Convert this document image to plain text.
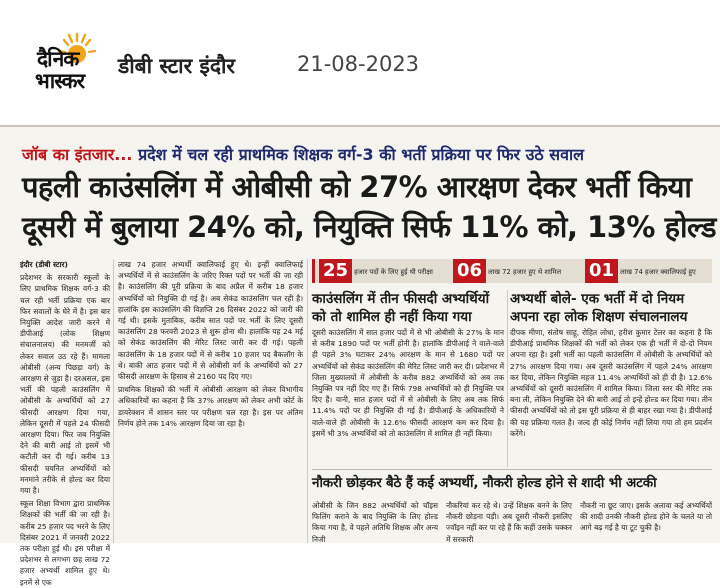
दैनिक
भास्कर
डीबी स्टार इंदौर	21-08-2023
जॉब का इंतजार... प्रदेश में चल रही प्राथमिक शिक्षक वर्ग-3 की भर्ती प्रक्रिया पर फिर उठे सवाल
पहली काउंसलिंग में ओबीसी को 27% आरक्षण देकर भर्ती किया
दूसरी में बुलाया 24% को, नियुक्ति सिर्फ 11% को, 13% होल्ड

इंदौर (डीबी स्टार)

प्रदेशभर के सरकारी स्कूलों के लिए प्राथमिक शिक्षक वर्ग-3 की चल रही भर्ती प्रक्रिया एक बार फिर सवालों के घेरे में है। इस बार नियुक्ति आदेश जारी करने में डीपीआई (लोक शिक्षण संचालनालय) की मनमर्जी को लेकर सवाल उठ रहे हैं। मामला ओबीसी (अन्य पिछड़ा वर्ग) के आरक्षण से जुड़ा है। दरअसल, इस भर्ती की पहली काउंसलिंग में ओबीसी के अभ्यर्थियों को 27 फीसदी आरक्षण दिया गया, लेकिन दूसरी में पहले 24 फीसदी आरक्षण दिया। फिर जब नियुक्ति देने की बारी आई तो इसमें भी कटौती कर दी गई। करीब 13 फीसदी चयनित अभ्यर्थियों को मनमाने तरीके से होल्ड कर दिया गया है।

स्कूल शिक्षा विभाग द्वारा प्राथमिक शिक्षकों की भर्ती की जा रही है। करीब 25 हजार पद भरने के लिए दिसंबर 2021 में जनवरी 2022 तक परीक्षा हुई थी। इस परीक्षा में प्रदेशभर से लगभग छह लाख 72 हजार अभ्यर्थी शामिल हुए थे। इनमें से एक

लाख 74 हजार अभ्यर्थी क्वालिफाई हुए थे। इन्हीं क्वालिफाई अभ्यर्थियों में से काउंसलिंग के जरिए रिक्त पदों पर भर्ती की जा रही है। काउंसलिंग की पूरी प्रक्रिया के बाद अप्रैल में करीब 18 हजार अभ्यर्थियों को नियुक्ति दी गई है। अब सेकंड काउंसलिंग चल रही है। हालांकि इस काउंसलिंग की विज्ञप्ति 26 दिसंबर 2022 को जारी की गई थी। इसके मुताबिक, करीब सात पदों पर भर्ती के लिए दूसरी काउंसलिंग 28 फरवरी 2023 से शुरू होना थी। हालांकि यह 24 मई को सेकंड काउंसलिंग की मेरिट लिस्ट जारी कर दी गई। पहली काउंसलिंग के 18 हजार पदों में से करीब 10 हजार पद बैकलॉग के थे। बाकी आठ हजार पदों में से ओबीसी वर्ग के अभ्यर्थियों को 27 फीसदी आरक्षण के हिसाब से 2160 पद दिए गए।

प्राथमिक शिक्षकों की भर्ती में ओबीसी आरक्षण को लेकर विभागीय अधिकारियों का कहना है कि 37% आरक्षण को लेकर अभी कोर्ट के डायरेक्शन में शासन स्तर पर परीक्षण चल रहा है। इस पर अंतिम निर्णय होने तक 14% आरक्षण दिया जा रहा है।

25 हजार पदों के लिए हुई थी परीक्षा 06 लाख 72 हजार हुए थे शामिल 01 लाख 74 हजार क्वालिफाई हुए
काउंसलिंग में तीन फीसदी अभ्यर्थियों को तो शामिल ही नहीं किया गया
अभ्यर्थी बोले- एक भर्ती में दो नियम अपना रहा लोक शिक्षण संचालनालय
दूसरी काउंसलिंग में सात हजार पदों में से भी ओबीसी के 27% के मान से करीब 1890 पदों पर भर्ती होनी है। हालांकि डीपीआई ने वाले-वाले ही पहले 3% घटाकर 24% आरक्षण के मान से 1680 पदों पर अभ्यर्थियों को सेकंड काउंसलिंग की मेरिट लिस्ट जारी कर दी। प्रदेशभर में जिला मुख्यालयों में ओबीसी के करीब 882 अभ्यर्थियों को अब तक नियुक्ति पत्र नहीं दिए गए हैं। सिर्फ 798 अभ्यर्थियों को ही नियुक्ति पत्र दिए हैं। यानी, सात हजार पदों में से ओबीसी के लिए अब तक सिर्फ 11.4% पदों पर ही नियुक्ति दी गई है। डीपीआई के अधिकारियों ने वाले-वाले ही ओबीसी के 12.6% फीसदी आरक्षण कम कर दिया है। इसमें भी 3% अभ्यर्थियों को तो काउंसलिंग में शामिल ही नहीं किया।
दीपक मीणा, संतोष साहू, रोहित लोधा, हरीश कुमार टेलर का कहना है कि डीपीआई प्राथमिक शिक्षकों की भर्ती को लेकर एक ही भर्ती में दो-दो नियम अपना रहा है। इसी भर्ती का पहली काउंसलिंग में ओबीसी के अभ्यर्थियों को 27% आरक्षण दिया गया। अब दूसरी काउंसलिंग में पहले 24% आरक्षण कर दिया, लेकिन नियुक्ति महज 11.4% अभ्यर्थियों को ही दी है। 12.6% अभ्यर्थियों को दूसरी काउंसलिंग में शामिल किया। जिला स्तर की मेरिट तक बना ली, लेकिन नियुक्ति देने की बारी आई तो इन्हें होल्ड कर दिया गया। तीन फीसदी अभ्यर्थियों को तो इस पूरी प्रक्रिया से ही बाहर रखा गया है। डीपीआई की यह प्रक्रिया गलत है। जल्द ही कोई निर्णय नहीं लिया गया तो हम प्रदर्शन करेंगे।
नौकरी छोड़कर बैठे हैं कई अभ्यर्थी, नौकरी होल्ड होने से शादी भी अटकी
ओबीसी के जिन 882 अभ्यर्थियों को चॉइस फिलिंग कराने के बाद नियुक्ति के लिए होल्ड किया गया है, वे पहले अतिथि शिक्षक और अन्य निजी
नौकरियां कर रहे थे। उन्हें शिक्षक बनने के लिए नौकरी छोड़ना पड़ी। अब दूसरी नौकरी इसलिए ज्वॉइन नहीं कर पा रहे हैं कि कहीं उसके चक्कर में सरकारी
नौकरी ना छूट जाए। इसके अलावा कई अभ्यर्थियों की शादी उनकी नौकरी होल्ड होने के चलते या तो आगे बढ़ गई है या टूट चुकी है।
